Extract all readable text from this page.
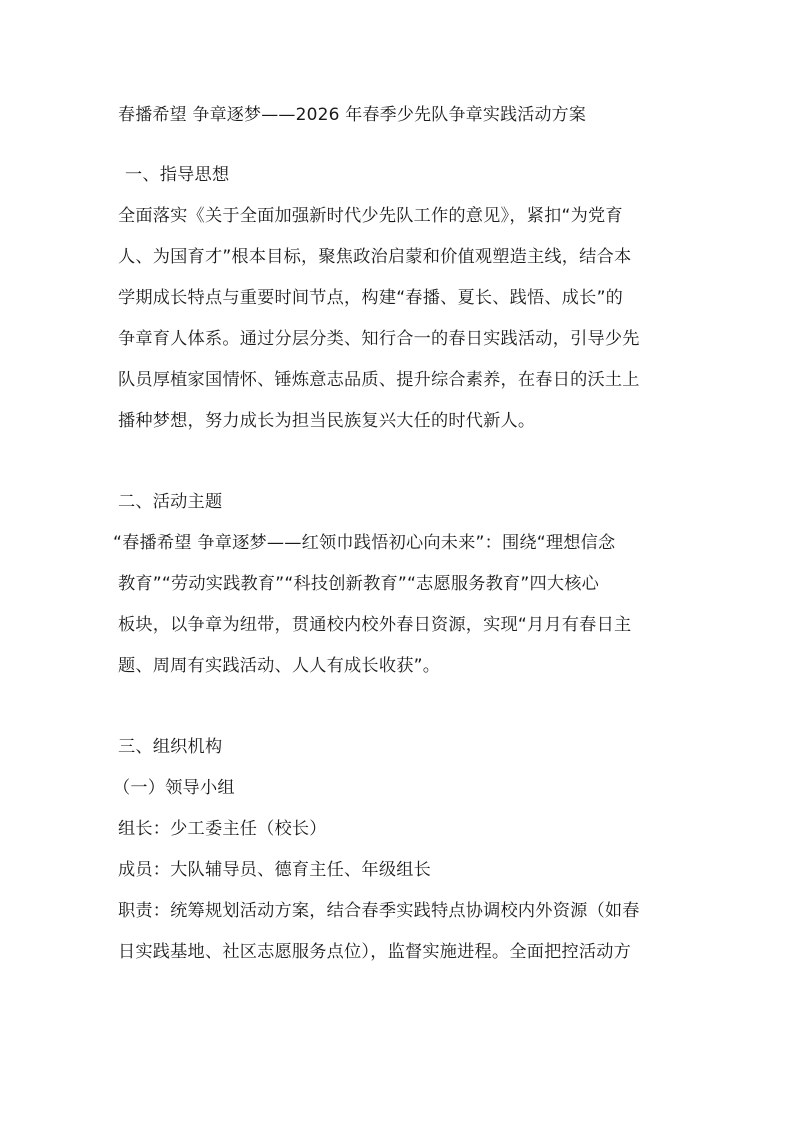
春播希望 争章逐梦——2026 年春季少先队争章实践活动方案
一、指导思想
全面落实《关于全面加强新时代少先队工作的意见》，紧扣“为党育
人、为国育才”根本目标，聚焦政治启蒙和价值观塑造主线，结合本
学期成长特点与重要时间节点，构建“春播、夏长、践悟、成长”的
争章育人体系。通过分层分类、知行合一的春日实践活动，引导少先
队员厚植家国情怀、锤炼意志品质、提升综合素养，在春日的沃土上
播种梦想，努力成长为担当民族复兴大任的时代新人。
二、活动主题
“春播希望 争章逐梦——红领巾践悟初心向未来”：围绕“理想信念
教育”“劳动实践教育”“科技创新教育”“志愿服务教育”四大核心
板块，以争章为纽带，贯通校内校外春日资源，实现“月月有春日主
题、周周有实践活动、人人有成长收获”。
三、组织机构
（一）领导小组
组长：少工委主任（校长）
成员：大队辅导员、德育主任、年级组长
职责：统筹规划活动方案，结合春季实践特点协调校内外资源（如春
日实践基地、社区志愿服务点位），监督实施进程。全面把控活动方
